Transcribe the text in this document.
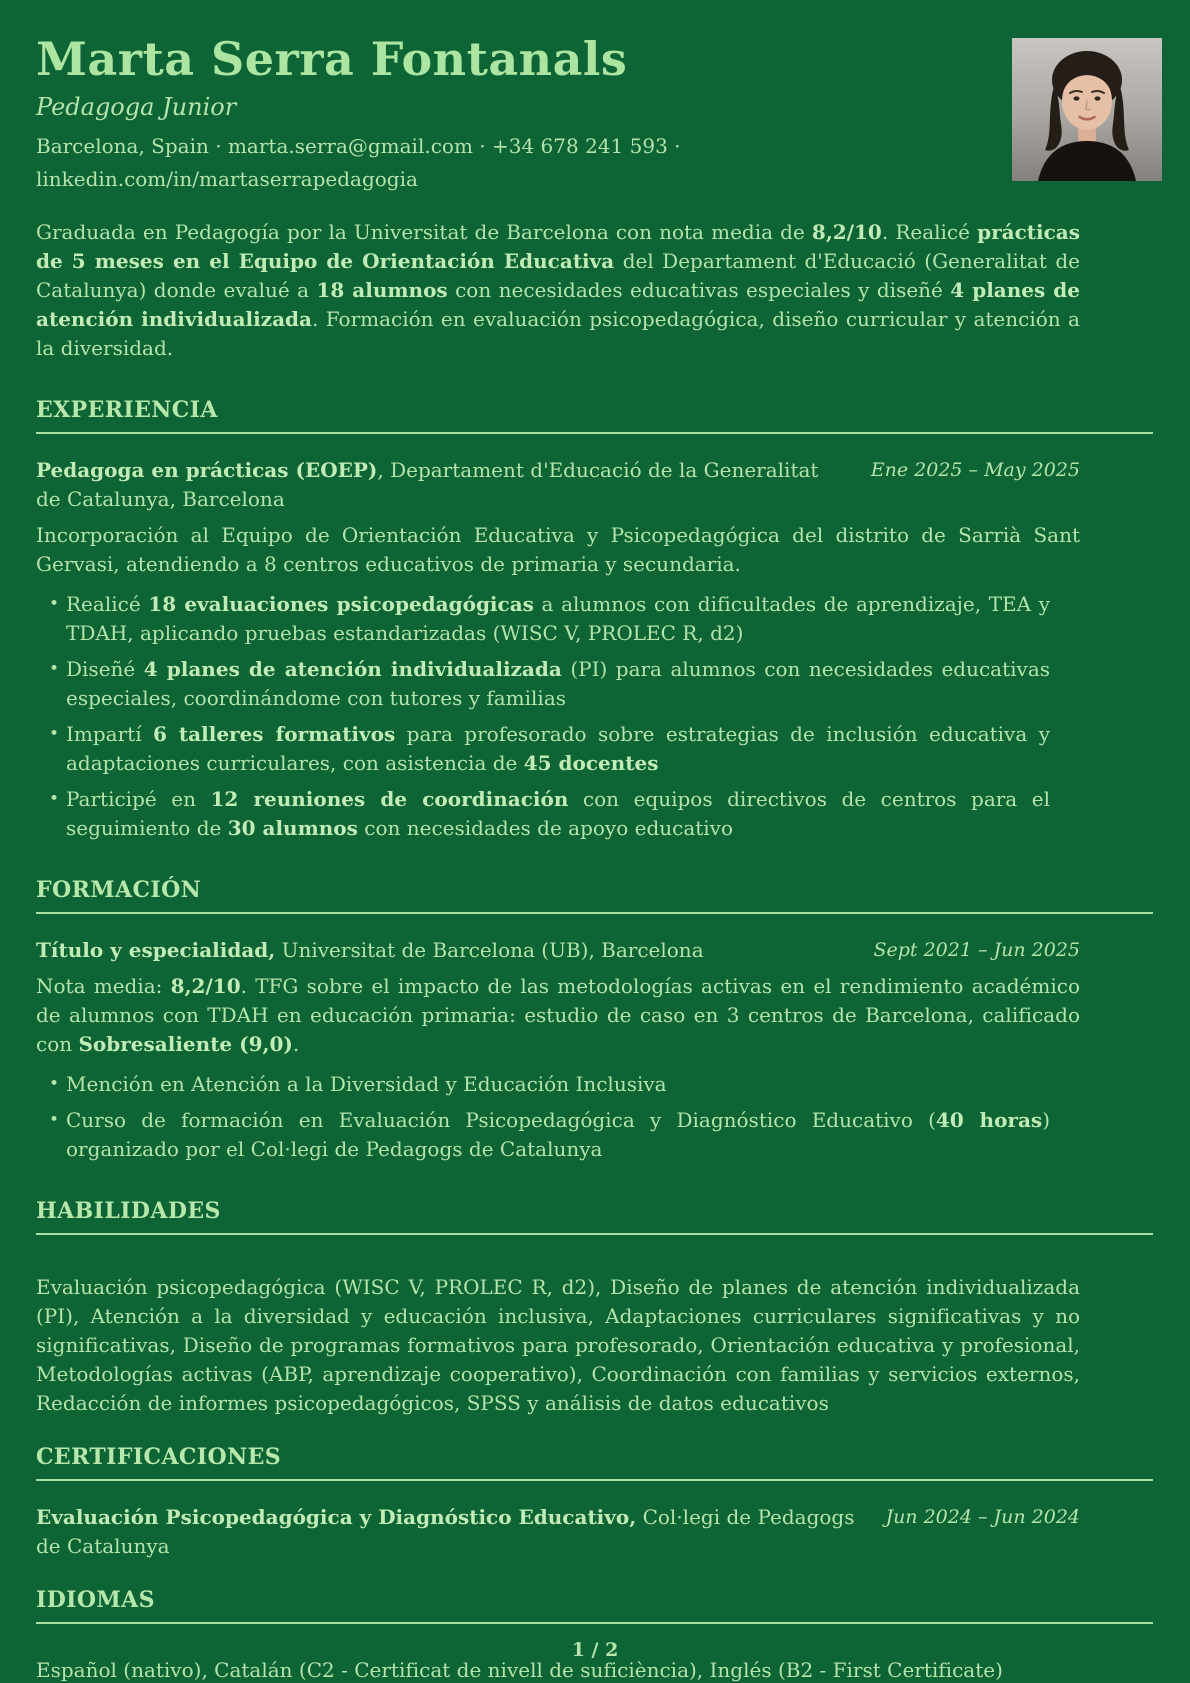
Marta Serra Fontanals
Pedagoga Junior
Barcelona, Spain · marta.serra@gmail.com · +34 678 241 593 ·
linkedin.com/in/martaserrapedagogia

Graduada en Pedagogía por la Universitat de Barcelona con nota media de 8,2/10. Realicé prácticas de 5 meses en el Equipo de Orientación Educativa del Departament d'Educació (Generalitat de Catalunya) donde evalué a 18 alumnos con necesidades educativas especiales y diseñé 4 planes de atención individualizada. Formación en evaluación psicopedagógica, diseño curricular y atención a la diversidad.

EXPERIENCIA
Pedagoga en prácticas (EOEP), Departament d'Educació de la Generalitat de Catalunya, Barcelona
Ene 2025 – May 2025

Incorporación al Equipo de Orientación Educativa y Psicopedagógica del distrito de Sarrià Sant Gervasi, atendiendo a 8 centros educativos de primaria y secundaria.

• Realicé 18 evaluaciones psicopedagógicas a alumnos con dificultades de aprendizaje, TEA y TDAH, aplicando pruebas estandarizadas (WISC V, PROLEC R, d2)
• Diseñé 4 planes de atención individualizada (PI) para alumnos con necesidades educativas especiales, coordinándome con tutores y familias
• Impartí 6 talleres formativos para profesorado sobre estrategias de inclusión educativa y adaptaciones curriculares, con asistencia de 45 docentes
• Participé en 12 reuniones de coordinación con equipos directivos de centros para el seguimiento de 30 alumnos con necesidades de apoyo educativo
FORMACIÓN
Título y especialidad, Universitat de Barcelona (UB), Barcelona	Sept 2021 – Jun 2025

Nota media: 8,2/10. TFG sobre el impacto de las metodologías activas en el rendimiento académico de alumnos con TDAH en educación primaria: estudio de caso en 3 centros de Barcelona, calificado con Sobresaliente (9,0).

• Mención en Atención a la Diversidad y Educación Inclusiva
• Curso de formación en Evaluación Psicopedagógica y Diagnóstico Educativo (40 horas) organizado por el Col·legi de Pedagogs de Catalunya
HABILIDADES

Evaluación psicopedagógica (WISC V, PROLEC R, d2), Diseño de planes de atención individualizada (PI), Atención a la diversidad y educación inclusiva, Adaptaciones curriculares significativas y no significativas, Diseño de programas formativos para profesorado, Orientación educativa y profesional, Metodologías activas (ABP, aprendizaje cooperativo), Coordinación con familias y servicios externos, Redacción de informes psicopedagógicos, SPSS y análisis de datos educativos

CERTIFICACIONES
Evaluación Psicopedagógica y Diagnóstico Educativo, Col·legi de Pedagogs de Catalunya
Jun 2024 – Jun 2024
IDIOMAS

Español (nativo), Catalán (C2 - Certificat de nivell de suficiència), Inglés (B2 - First Certificate)

1 / 2
